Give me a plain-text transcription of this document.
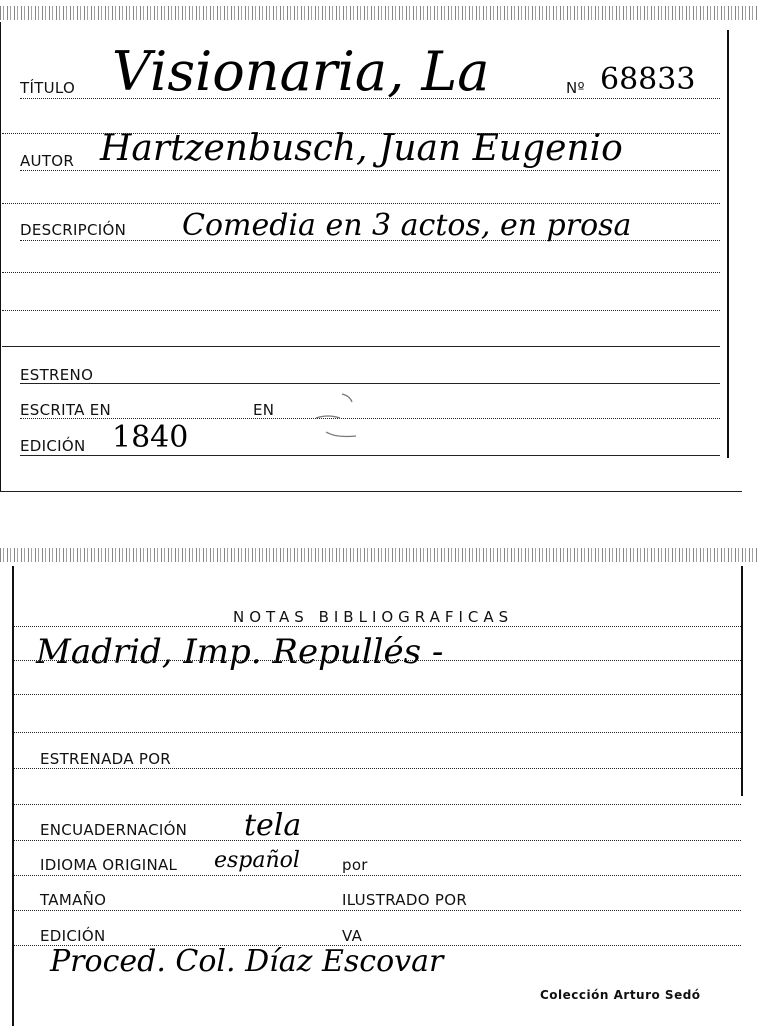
TÍTULO Visionaria, La	Nº 68833
AUTOR Hartzenbusch, Juan Eugenio
DESCRIPCIÓN Comedia en 3 actos, en prosa
ESTRENO
ESCRITA EN	EN
EDICIÓN 1840
NOTAS BIBLIOGRAFICAS
Madrid, Imp. Repullés -
ESTRENADA POR
ENCUADERNACIÓN tela
IDIOMA ORIGINAL español	por
TAMAÑO	ILUSTRADO POR
EDICIÓN	VA
Proced. Col. Díaz Escovar
Colección Arturo Sedó
